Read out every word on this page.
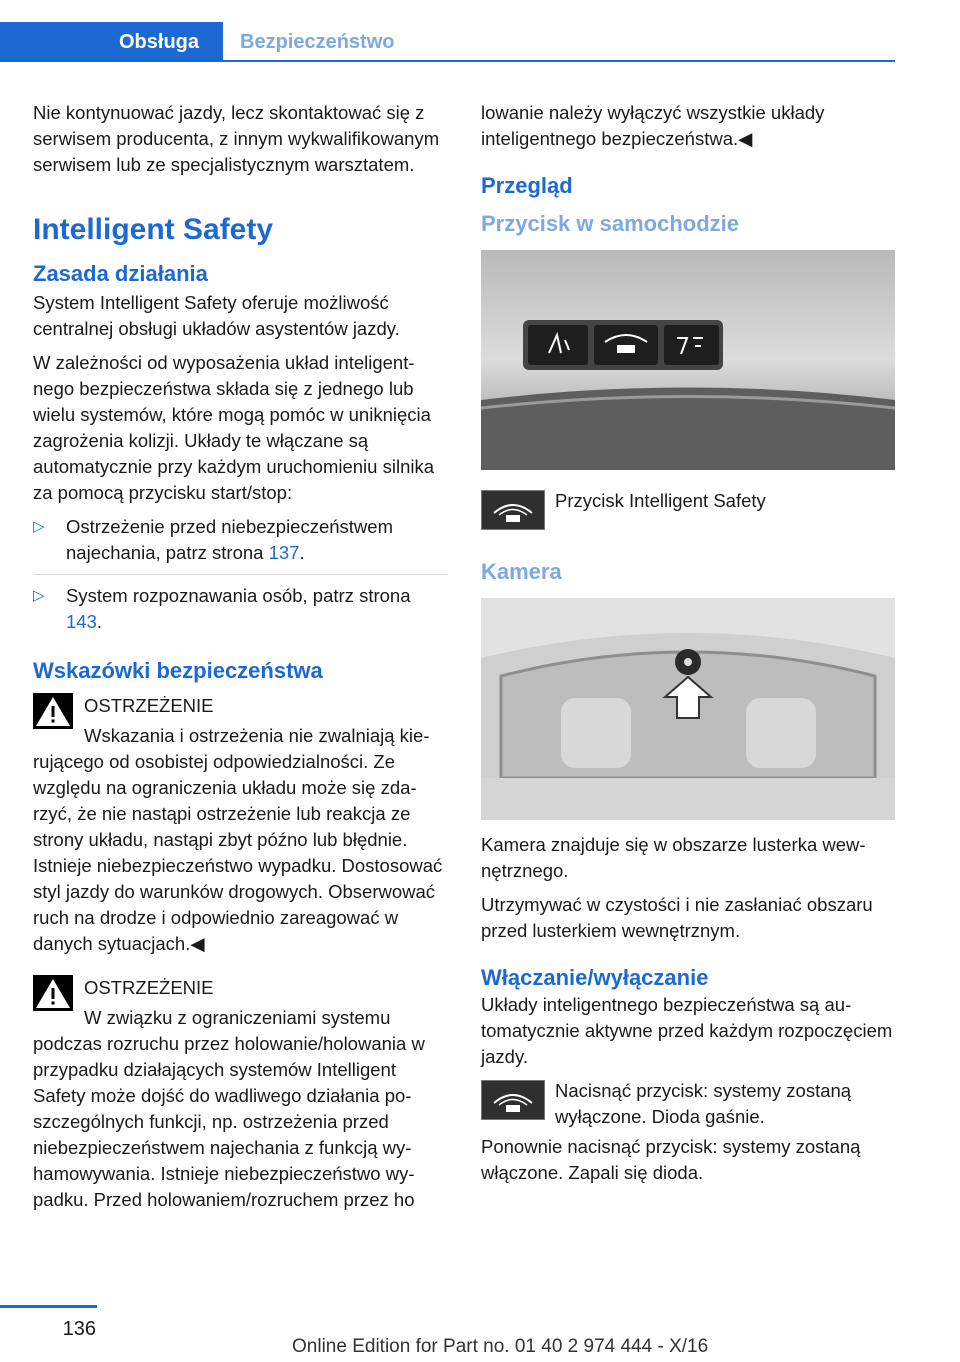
Obsługa Bezpieczeństwo

Nie kontynuować jazdy, lecz skontaktować się z serwisem producenta, z innym wykwalifikowanym serwisem lub ze specjalistycznym warsztatem.

Intelligent Safety
Zasada działania

System Intelligent Safety oferuje możliwość centralnej obsługi układów asystentów jazdy.

W zależności od wyposażenia układ inteligentnego bezpieczeństwa składa się z jednego lub wielu systemów, które mogą pomóc w uniknięcia zagrożenia kolizji. Układy te włączane są automatycznie przy każdym uruchomieniu silnika za pomocą przycisku start/stop:

▷ Ostrzeżenie przed niebezpieczeństwem najechania, patrz strona 137.
▷ System rozpoznawania osób, patrz strona 143.
Wskazówki bezpieczeństwa

OSTRZEŻENIE

Wskazania i ostrzeżenia nie zwalniają kierującego od osobistej odpowiedzialności. Ze względu na ograniczenia układu może się zdarzyć, że nie nastąpi ostrzeżenie lub reakcja ze strony układu, nastąpi zbyt późno lub błędnie. Istnieje niebezpieczeństwo wypadku. Dostosować styl jazdy do warunków drogowych. Obserwować ruch na drodze i odpowiednio zareagować w danych sytuacjach.◀

OSTRZEŻENIE

W związku z ograniczeniami systemu podczas rozruchu przez holowanie/holowania w przypadku działających systemów Intelligent Safety może dojść do wadliwego działania poszczególnych funkcji, np. ostrzeżenia przed niebezpieczeństwem najechania z funkcją wyhamowywania. Istnieje niebezpieczeństwo wypadku. Przed holowaniem/rozruchem przez ho

lowanie należy wyłączyć wszystkie układy inteligentnego bezpieczeństwa.◀

Przegląd
Przycisk w samochodzie
Przycisk Intelligent Safety
Kamera

Kamera znajduje się w obszarze lusterka wewnętrznego.

Utrzymywać w czystości i nie zasłaniać obszaru przed lusterkiem wewnętrznym.

Włączanie/wyłączanie

Układy inteligentnego bezpieczeństwa są automatycznie aktywne przed każdym rozpoczęciem jazdy.

Nacisnąć przycisk: systemy zostaną wyłączone. Dioda gaśnie.

Ponownie nacisnąć przycisk: systemy zostaną włączone. Zapali się dioda.

136
Online Edition for Part no. 01 40 2 974 444 - X/16
